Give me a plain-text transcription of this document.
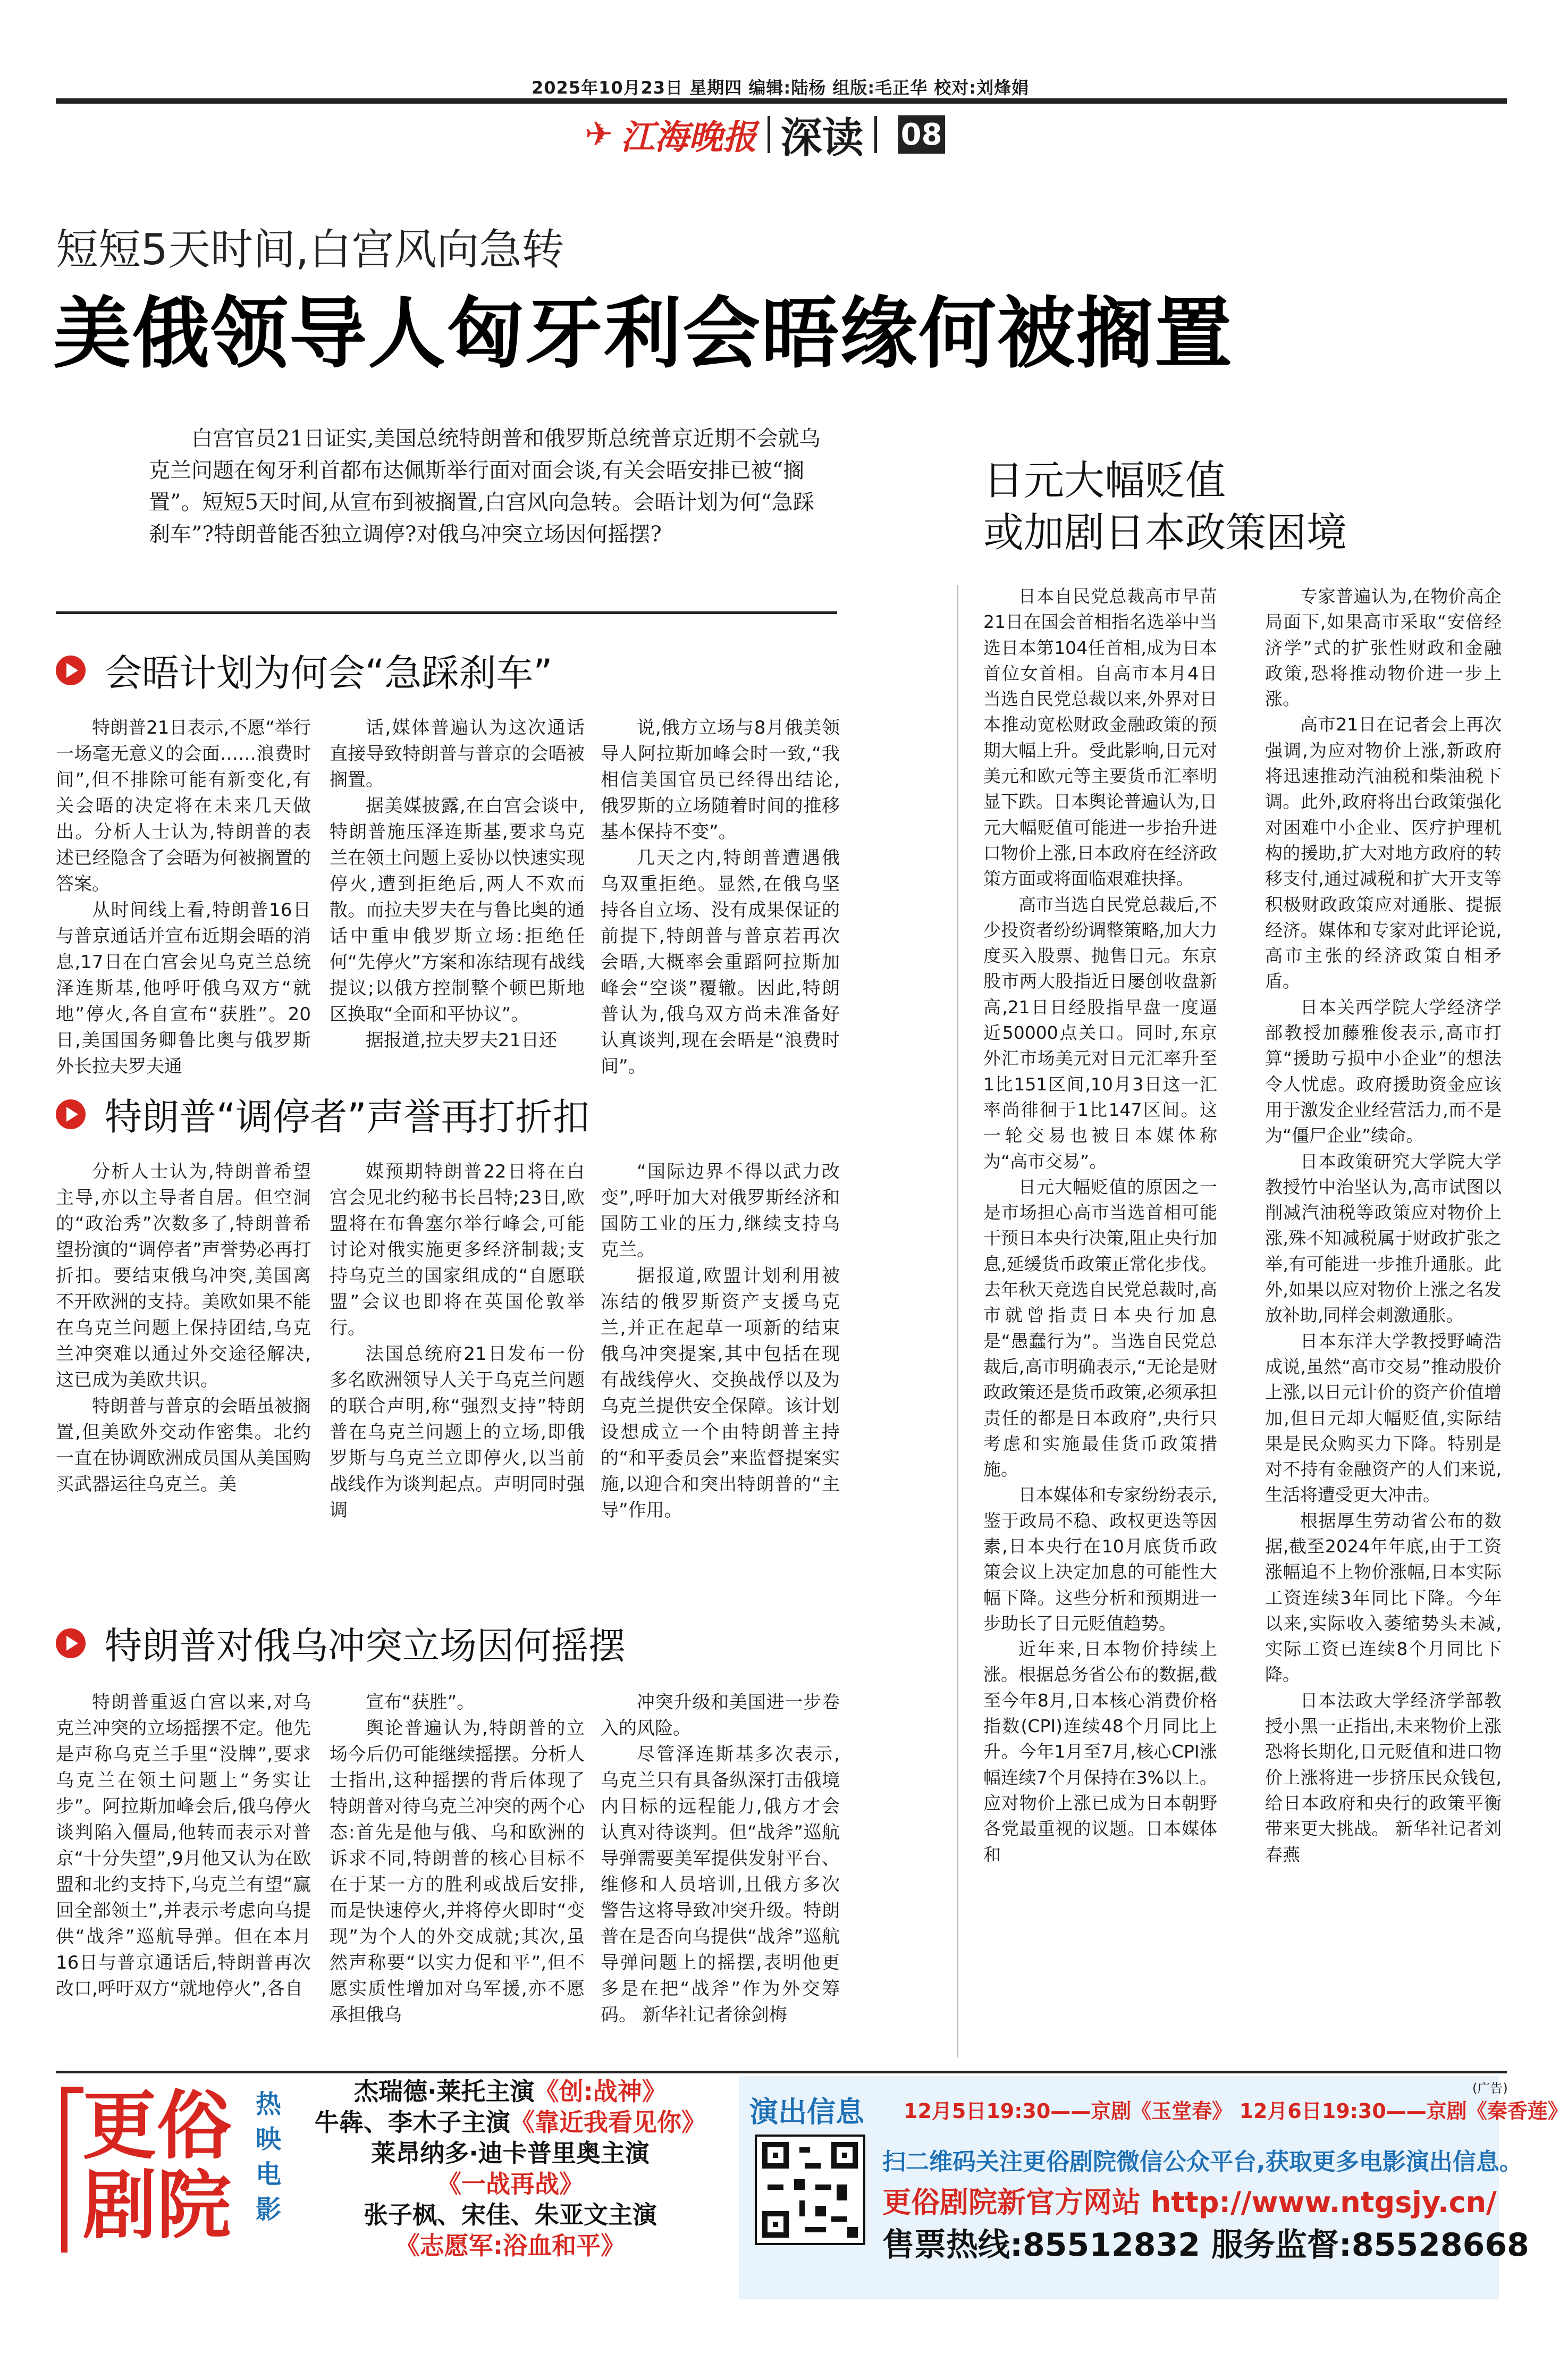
2025年10月23日 星期四 编辑:陆杨 组版:毛正华 校对:刘烽娟
✈ 江海晚报 深读 08
短短5天时间,白宫风向急转
美俄领导人匈牙利会晤缘何被搁置
白宫官员21日证实,美国总统特朗普和俄罗斯总统普京近期不会就乌克兰问题在匈牙利首都布达佩斯举行面对面会谈,有关会晤安排已被“搁置”。短短5天时间,从宣布到被搁置,白宫风向急转。会晤计划为何“急踩刹车”?特朗普能否独立调停?对俄乌冲突立场因何摇摆?
会晤计划为何会“急踩刹车”

特朗普21日表示,不愿“举行一场毫无意义的会面……浪费时间”,但不排除可能有新变化,有关会晤的决定将在未来几天做出。分析人士认为,特朗普的表述已经隐含了会晤为何被搁置的答案。

从时间线上看,特朗普16日与普京通话并宣布近期会晤的消息,17日在白宫会见乌克兰总统泽连斯基,他呼吁俄乌双方“就地”停火,各自宣布“获胜”。20日,美国国务卿鲁比奥与俄罗斯外长拉夫罗夫通

话,媒体普遍认为这次通话直接导致特朗普与普京的会晤被搁置。

据美媒披露,在白宫会谈中,特朗普施压泽连斯基,要求乌克兰在领土问题上妥协以快速实现停火,遭到拒绝后,两人不欢而散。而拉夫罗夫在与鲁比奥的通话中重申俄罗斯立场:拒绝任何“先停火”方案和冻结现有战线提议;以俄方控制整个顿巴斯地区换取“全面和平协议”。

据报道,拉夫罗夫21日还

说,俄方立场与8月俄美领导人阿拉斯加峰会时一致,“我相信美国官员已经得出结论,俄罗斯的立场随着时间的推移基本保持不变”。

几天之内,特朗普遭遇俄乌双重拒绝。显然,在俄乌坚持各自立场、没有成果保证的前提下,特朗普与普京若再次会晤,大概率会重蹈阿拉斯加峰会“空谈”覆辙。因此,特朗普认为,俄乌双方尚未准备好认真谈判,现在会晤是“浪费时间”。

特朗普“调停者”声誉再打折扣

分析人士认为,特朗普希望主导,亦以主导者自居。但空洞的“政治秀”次数多了,特朗普希望扮演的“调停者”声誉势必再打折扣。要结束俄乌冲突,美国离不开欧洲的支持。美欧如果不能在乌克兰问题上保持团结,乌克兰冲突难以通过外交途径解决,这已成为美欧共识。

特朗普与普京的会晤虽被搁置,但美欧外交动作密集。北约一直在协调欧洲成员国从美国购买武器运往乌克兰。美

媒预期特朗普22日将在白宫会见北约秘书长吕特;23日,欧盟将在布鲁塞尔举行峰会,可能讨论对俄实施更多经济制裁;支持乌克兰的国家组成的“自愿联盟”会议也即将在英国伦敦举行。

法国总统府21日发布一份多名欧洲领导人关于乌克兰问题的联合声明,称“强烈支持”特朗普在乌克兰问题上的立场,即俄罗斯与乌克兰立即停火,以当前战线作为谈判起点。声明同时强调

“国际边界不得以武力改变”,呼吁加大对俄罗斯经济和国防工业的压力,继续支持乌克兰。

据报道,欧盟计划利用被冻结的俄罗斯资产支援乌克兰,并正在起草一项新的结束俄乌冲突提案,其中包括在现有战线停火、交换战俘以及为乌克兰提供安全保障。该计划设想成立一个由特朗普主持的“和平委员会”来监督提案实施,以迎合和突出特朗普的“主导”作用。

特朗普对俄乌冲突立场因何摇摆

特朗普重返白宫以来,对乌克兰冲突的立场摇摆不定。他先是声称乌克兰手里“没牌”,要求乌克兰在领土问题上“务实让步”。阿拉斯加峰会后,俄乌停火谈判陷入僵局,他转而表示对普京“十分失望”,9月他又认为在欧盟和北约支持下,乌克兰有望“赢回全部领土”,并表示考虑向乌提供“战斧”巡航导弹。但在本月16日与普京通话后,特朗普再次改口,呼吁双方“就地停火”,各自

宣布“获胜”。

舆论普遍认为,特朗普的立场今后仍可能继续摇摆。分析人士指出,这种摇摆的背后体现了特朗普对待乌克兰冲突的两个心态:首先是他与俄、乌和欧洲的诉求不同,特朗普的核心目标不在于某一方的胜利或战后安排,而是快速停火,并将停火即时“变现”为个人的外交成就;其次,虽然声称要“以实力促和平”,但不愿实质性增加对乌军援,亦不愿承担俄乌

冲突升级和美国进一步卷入的风险。

尽管泽连斯基多次表示,乌克兰只有具备纵深打击俄境内目标的远程能力,俄方才会认真对待谈判。但“战斧”巡航导弹需要美军提供发射平台、维修和人员培训,且俄方多次警告这将导致冲突升级。特朗普在是否向乌提供“战斧”巡航导弹问题上的摇摆,表明他更多是在把“战斧”作为外交筹码。 新华社记者徐剑梅

日元大幅贬值
或加剧日本政策困境

日本自民党总裁高市早苗21日在国会首相指名选举中当选日本第104任首相,成为日本首位女首相。自高市本月4日当选自民党总裁以来,外界对日本推动宽松财政金融政策的预期大幅上升。受此影响,日元对美元和欧元等主要货币汇率明显下跌。日本舆论普遍认为,日元大幅贬值可能进一步抬升进口物价上涨,日本政府在经济政策方面或将面临艰难抉择。

高市当选自民党总裁后,不少投资者纷纷调整策略,加大力度买入股票、抛售日元。东京股市两大股指近日屡创收盘新高,21日日经股指早盘一度逼近50000点关口。同时,东京外汇市场美元对日元汇率升至1比151区间,10月3日这一汇率尚徘徊于1比147区间。这一轮交易也被日本媒体称为“高市交易”。

日元大幅贬值的原因之一是市场担心高市当选首相可能干预日本央行决策,阻止央行加息,延缓货币政策正常化步伐。去年秋天竞选自民党总裁时,高市就曾指责日本央行加息是“愚蠢行为”。当选自民党总裁后,高市明确表示,“无论是财政政策还是货币政策,必须承担责任的都是日本政府”,央行只考虑和实施最佳货币政策措施。

日本媒体和专家纷纷表示,鉴于政局不稳、政权更迭等因素,日本央行在10月底货币政策会议上决定加息的可能性大幅下降。这些分析和预期进一步助长了日元贬值趋势。

近年来,日本物价持续上涨。根据总务省公布的数据,截至今年8月,日本核心消费价格指数(CPI)连续48个月同比上升。今年1月至7月,核心CPI涨幅连续7个月保持在3%以上。应对物价上涨已成为日本朝野各党最重视的议题。日本媒体和

专家普遍认为,在物价高企局面下,如果高市采取“安倍经济学”式的扩张性财政和金融政策,恐将推动物价进一步上涨。

高市21日在记者会上再次强调,为应对物价上涨,新政府将迅速推动汽油税和柴油税下调。此外,政府将出台政策强化对困难中小企业、医疗护理机构的援助,扩大对地方政府的转移支付,通过减税和扩大开支等积极财政政策应对通胀、提振经济。媒体和专家对此评论说,高市主张的经济政策自相矛盾。

日本关西学院大学经济学部教授加藤雅俊表示,高市打算“援助亏损中小企业”的想法令人忧虑。政府援助资金应该用于激发企业经营活力,而不是为“僵尸企业”续命。

日本政策研究大学院大学教授竹中治坚认为,高市试图以削减汽油税等政策应对物价上涨,殊不知减税属于财政扩张之举,有可能进一步推升通胀。此外,如果以应对物价上涨之名发放补助,同样会刺激通胀。

日本东洋大学教授野崎浩成说,虽然“高市交易”推动股价上涨,以日元计价的资产价值增加,但日元却大幅贬值,实际结果是民众购买力下降。特别是对不持有金融资产的人们来说,生活将遭受更大冲击。

根据厚生劳动省公布的数据,截至2024年年底,由于工资涨幅追不上物价涨幅,日本实际工资连续3年同比下降。今年以来,实际收入萎缩势头未减,实际工资已连续8个月同比下降。

日本法政大学经济学部教授小黑一正指出,未来物价上涨恐将长期化,日元贬值和进口物价上涨将进一步挤压民众钱包,给日本政府和央行的政策平衡带来更大挑战。 新华社记者刘春燕

更俗
剧院
热映电影
杰瑞德·莱托主演《创:战神》
牛犇、李木子主演《靠近我看见你》
莱昂纳多·迪卡普里奥主演
《一战再战》
张子枫、宋佳、朱亚文主演
《志愿军:浴血和平》
(广告)
演出信息 12月5日19:30——京剧《玉堂春》 12月6日19:30——京剧《秦香莲》
扫二维码关注更俗剧院微信公众平台,获取更多电影演出信息。
更俗剧院新官方网站 http://www.ntgsjy.cn/
售票热线:85512832 服务监督:85528668
